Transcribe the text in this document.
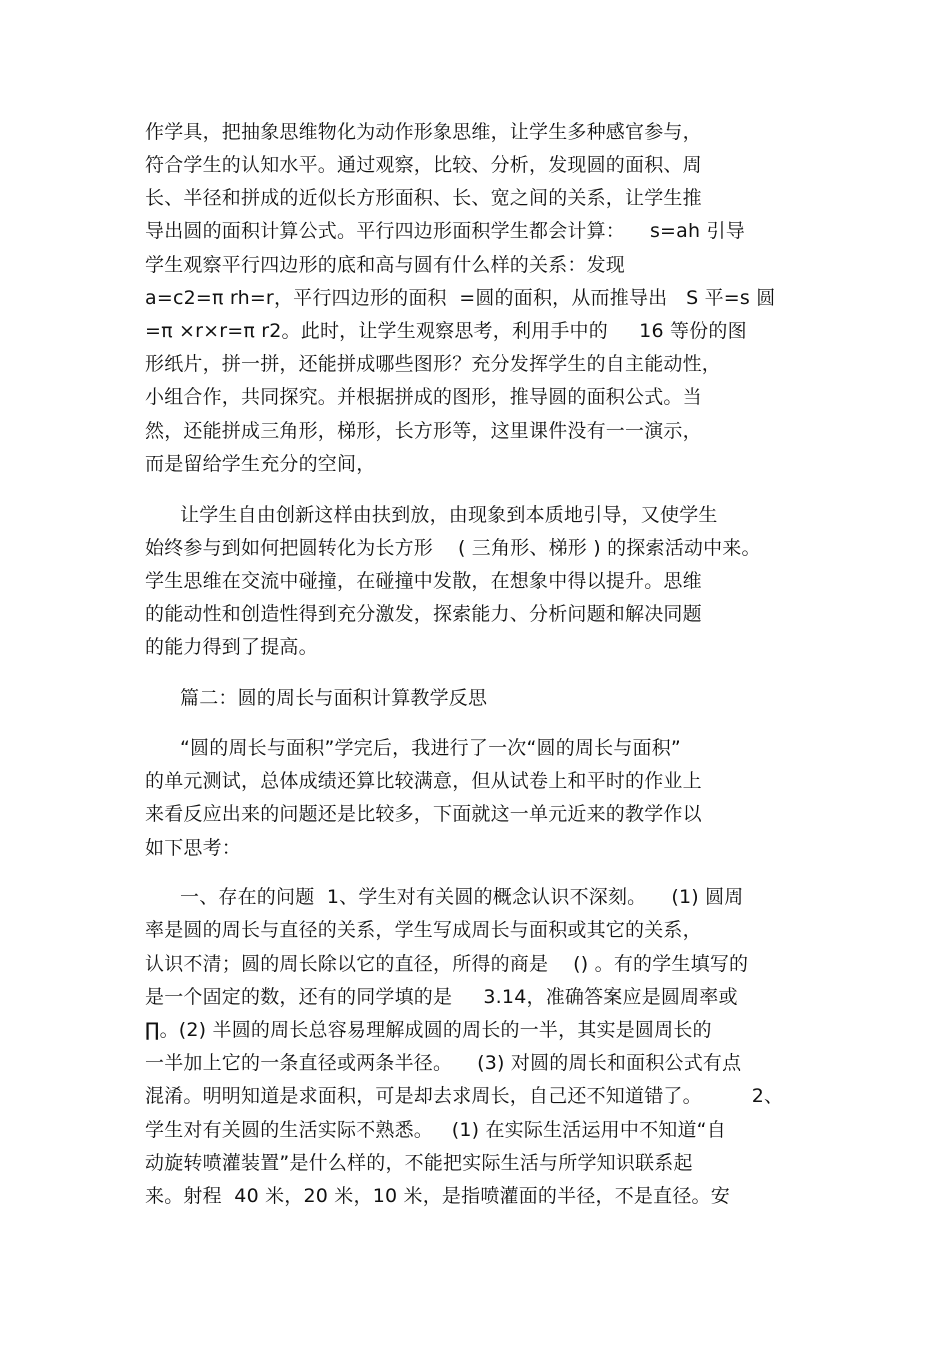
作学具，把抽象思维物化为动作形象思维，让学生多种感官参与，
符合学生的认知水平。通过观察，比较、分析，发现圆的面积、周
长、半径和拼成的近似长方形面积、长、宽之间的关系，让学生推
导出圆的面积计算公式。平行四边形面积学生都会计算：    s=ah 引导
学生观察平行四边形的底和高与圆有什么样的关系：发现
a=c2=π rh=r，平行四边形的面积  =圆的面积，从而推导出   S 平=s 圆
=π ×r×r=π r2。此时，让学生观察思考，利用手中的     16 等份的图
形纸片，拼一拼，还能拼成哪些图形？充分发挥学生的自主能动性，
小组合作，共同探究。并根据拼成的图形，推导圆的面积公式。当
然，还能拼成三角形，梯形，长方形等，这里课件没有一一演示，
而是留给学生充分的空间，
让学生自由创新这样由扶到放，由现象到本质地引导，又使学生
始终参与到如何把圆转化为长方形    ( 三角形、梯形 ) 的探索活动中来。
学生思维在交流中碰撞，在碰撞中发散，在想象中得以提升。思维
的能动性和创造性得到充分激发，探索能力、分析问题和解决同题
的能力得到了提高。
篇二：圆的周长与面积计算教学反思
“圆的周长与面积”学完后，我进行了一次“圆的周长与面积”
的单元测试，总体成绩还算比较满意，但从试卷上和平时的作业上
来看反应出来的问题还是比较多，下面就这一单元近来的教学作以
如下思考：
一、存在的问题  1、学生对有关圆的概念认识不深刻。    (1) 圆周
率是圆的周长与直径的关系，学生写成周长与面积或其它的关系，
认识不清；圆的周长除以它的直径，所得的商是    () 。有的学生填写的
是一个固定的数，还有的同学填的是     3.14，准确答案应是圆周率或
∏。(2) 半圆的周长总容易理解成圆的周长的一半，其实是圆周长的
一半加上它的一条直径或两条半径。    (3) 对圆的周长和面积公式有点
混淆。明明知道是求面积，可是却去求周长，自己还不知道错了。        2、
学生对有关圆的生活实际不熟悉。   (1) 在实际生活运用中不知道“自
动旋转喷灌装置”是什么样的，不能把实际生活与所学知识联系起
来。射程  40 米，20 米，10 米，是指喷灌面的半径，不是直径。安
